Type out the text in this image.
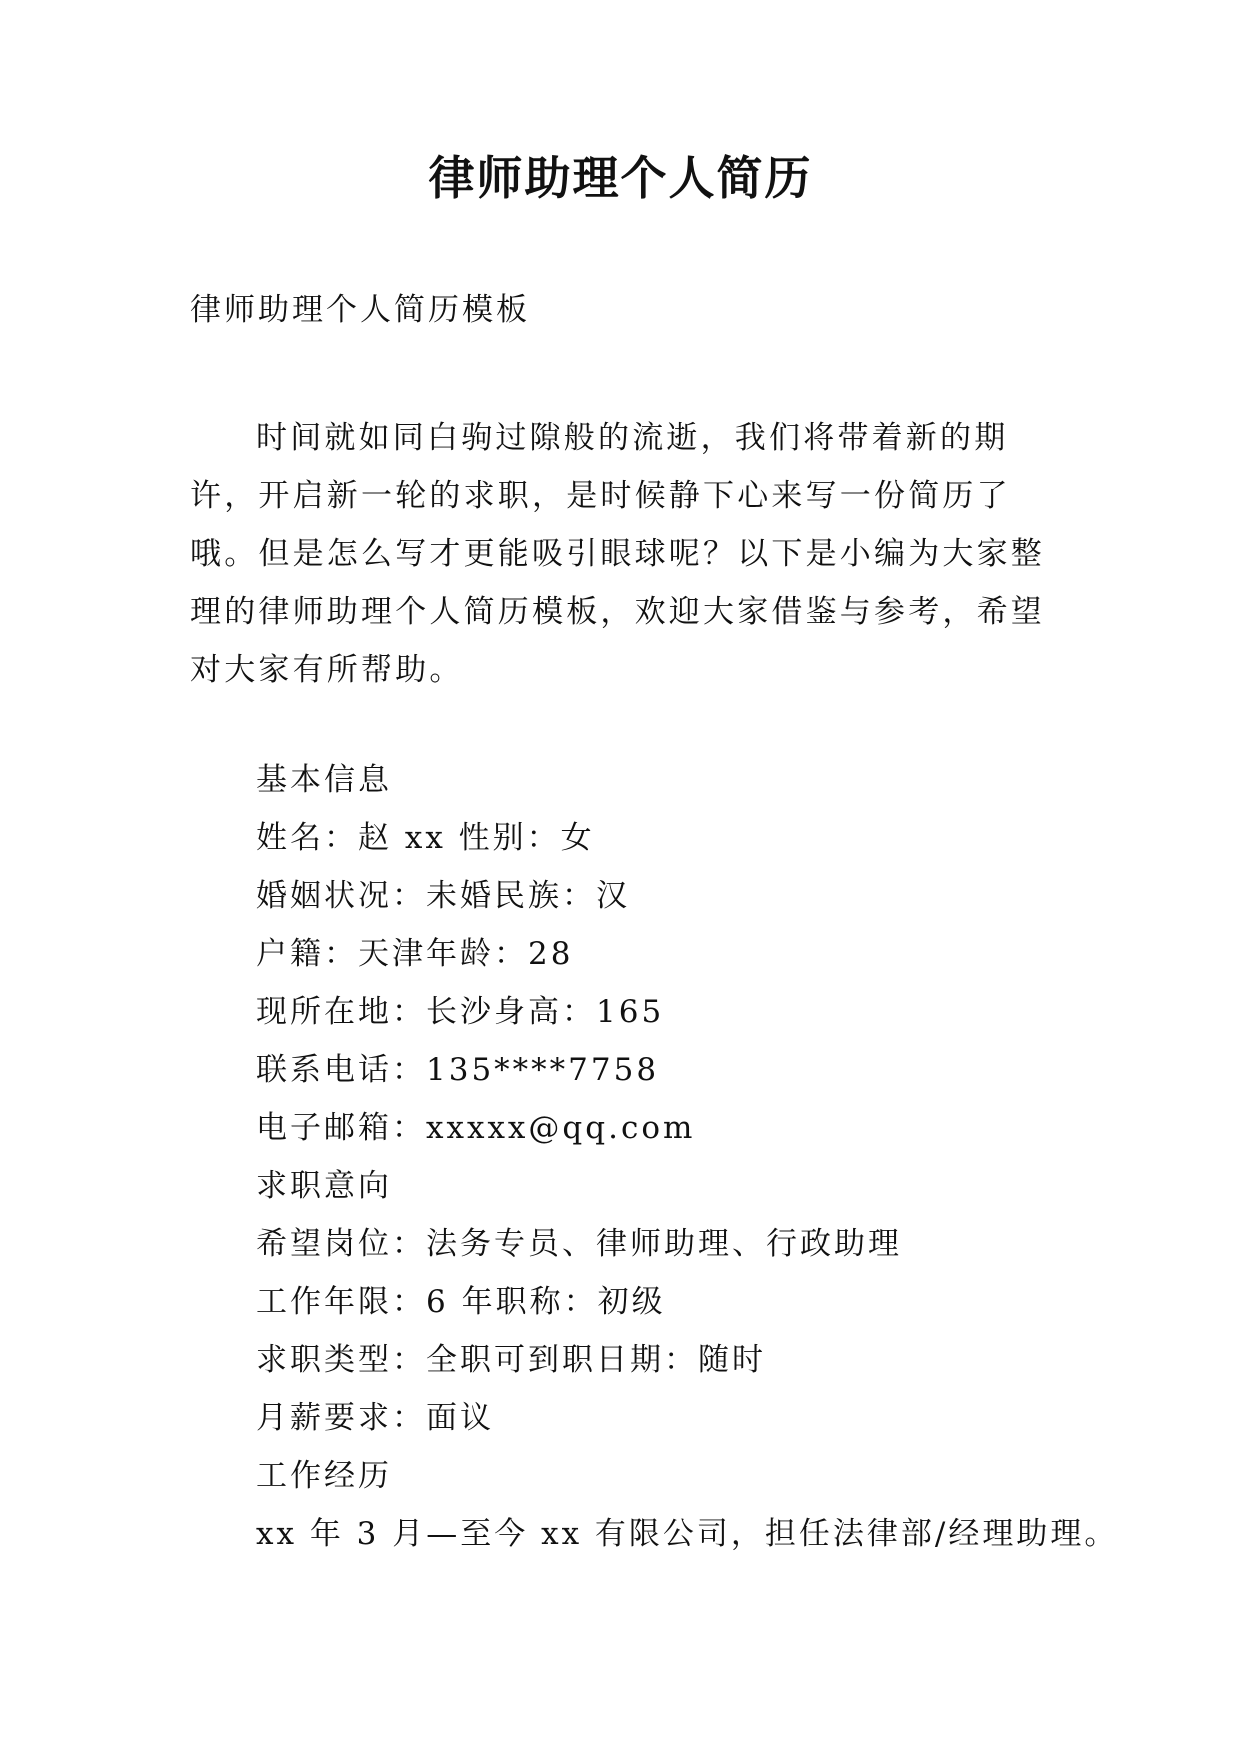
律师助理个人简历

律师助理个人简历模板

时间就如同白驹过隙般的流逝，我们将带着新的期许，开启新一轮的求职，是时候静下心来写一份简历了哦。但是怎么写才更能吸引眼球呢？以下是小编为大家整理的律师助理个人简历模板，欢迎大家借鉴与参考，希望对大家有所帮助。

基本信息
姓名：赵 xx 性别：女
婚姻状况：未婚民族：汉
户籍：天津年龄：28
现所在地：长沙身高：165
联系电话：135****7758
电子邮箱：xxxxx@qq.com
求职意向
希望岗位：法务专员、律师助理、行政助理
工作年限：6 年职称：初级
求职类型：全职可到职日期：随时
月薪要求：面议
工作经历
xx 年 3 月—至今 xx 有限公司，担任法律部/经理助理。
